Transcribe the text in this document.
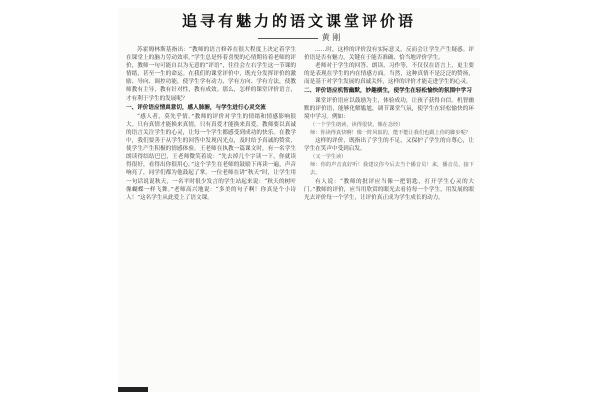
追寻有魅力的语文课堂评价语
黄 刚

苏霍姆林斯基指出：“教师的语言修养在很大程度上决定着学生在课堂上的脑力劳动效率。”学生总是怀着喜悦的心情期待着老师的评价，教师一句可能自以为无意的“评语”，往往会左右学生这一节课的情绪，甚至一生的命运。在我们的课堂评价中，既充分发挥评价的激励、导向、调控功能，使学生学有动力、学有方向、学有方法，使教师教有主导，教有针对性，教有成效。那么，怎样的课堂评价语言，才有利于学生的发展呢？

一、评价语应情真意切，感人肺腑，与学生进行心灵交流

“感人者，莫先乎情。”教师的评价对学生的情绪和情感影响很大。只有真情才能换来真情，只有真爱才能换来真爱。教师要以真诚的语言关注学生的心灵，让每一个学生都感受到成功的快乐。在教学中，我们要善于从学生的回答中发现闪光点，及时给予真诚的赞赏，使学生产生积极的情感体验。王老师在执教一篇课文时，有一名学生朗读得结结巴巴，王老师微笑着说：“先去掉几个字读一下，你就读得很好，看得出你很用心。”这个学生在老师的鼓励下再读一遍，声音响亮了，同学们都为他鼓起了掌。一位老师在讲“秋天”时，让学生用一句话说说秋天，一名平时很少发言的学生站起来说：“秋天的树叶像蝴蝶一样飞舞。”老师高兴地说：“多美的句子啊！你真是个小诗人！”这名学生从此爱上了语文课。

……时，这样的评价没有实际意义，反而会让学生产生疑惑。评价语是否有魅力，关键在于能否准确、恰当地评价学生。

老师对于学生的回答、朗读、习作等，不仅仅在语言上，更主要的是表现在学生的内在情感方面。当然，这种真情不是泛泛的赞扬，而是基于对学生发展的真诚关怀，这样的评价才能走进学生的心灵。

二、评价语应机智幽默，妙趣横生，使学生在轻松愉快的氛围中学习

课堂评价语应以鼓励为主，体验成功，让孩子获得自信。机智幽默的评价语，能够化解尴尬，调节课堂气氛，使学生在轻松愉快的环境中学习。例如：

（一个学生朗读，读得很快，像在念经）

师：你读得真快啊！像一阵风似的，能不能让我们也跟上你的脚步呢？

这样的评价，既指出了学生的不足，又保护了学生的自尊心，让学生在笑声中受到启发。

（又一学生读）

师：你的声音真好听！我建议你今后去当个播音员！来，播音员，接下去。

有人说：“教师的批评应当像一把钥匙，打开学生心灵的大门。”教师的评价，应当用欣赏的眼光去看待每一个学生，用发展的眼光去评价每一个学生，让评价真正成为学生成长的动力。
